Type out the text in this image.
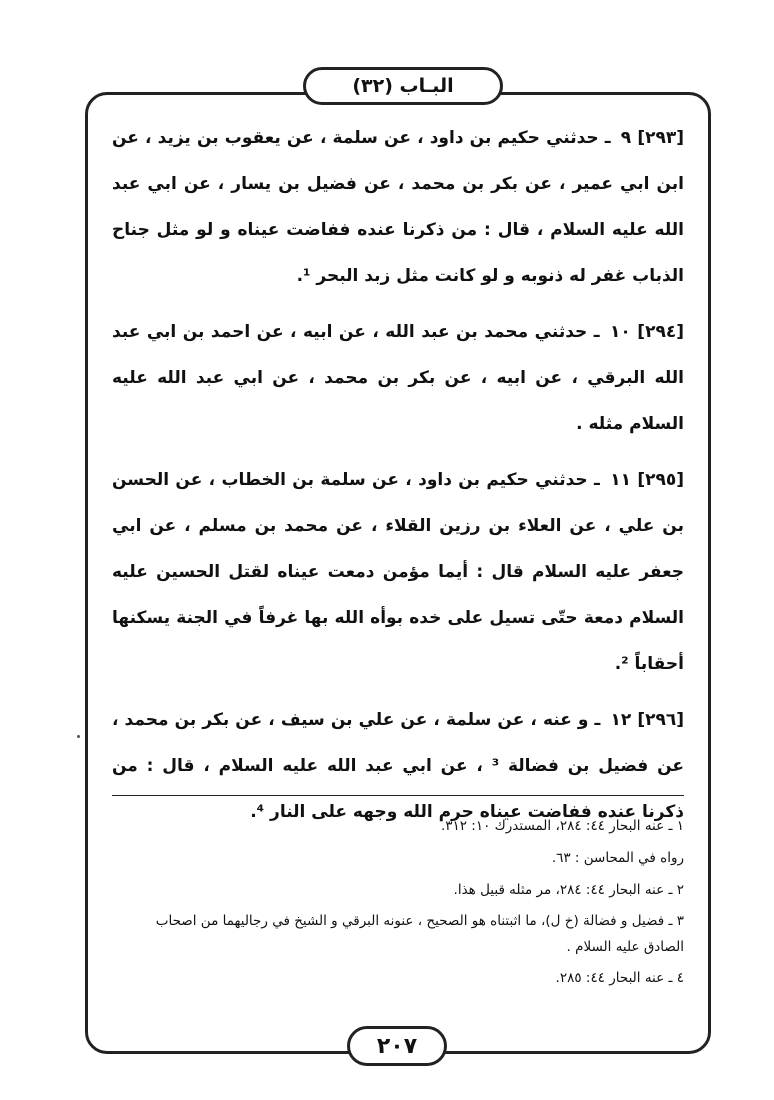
البـاب (٣٢)

[٢٩٣] ٩ ـ حدثني حكيم بن داود ، عن سلمة ، عن يعقوب بن يزيد ، عن ابن ابي عمير ، عن بكر بن محمد ، عن فضيل بن يسار ، عن ابي عبد الله عليه السلام ، قال : من ذكرنا عنده ففاضت عيناه و لو مثل جناح الذباب غفر له ذنوبه و لو كانت مثل زبد البحر ¹.

[٢٩٤] ١٠ ـ حدثني محمد بن عبد الله ، عن ابيه ، عن احمد بن ابي عبد الله البرقي ، عن ابيه ، عن بكر بن محمد ، عن ابي عبد الله عليه السلام مثله .

[٢٩٥] ١١ ـ حدثني حكيم بن داود ، عن سلمة بن الخطاب ، عن الحسن بن علي ، عن العلاء بن رزين القلاء ، عن محمد بن مسلم ، عن ابي جعفر عليه السلام قال : أيما مؤمن دمعت عيناه لقتل الحسين عليه السلام دمعة حتّى تسيل على خده بوأه الله بها غرفاً في الجنة يسكنها أحقاباً ².

[٢٩٦] ١٢ ـ و عنه ، عن سلمة ، عن علي بن سيف ، عن بكر بن محمد ، عن فضيل بن فضالة ³ ، عن ابي عبد الله عليه السلام ، قال : من ذكرنا عنده ففاضت عيناه حرم الله وجهه على النار ⁴.

١ ـ عنه البحار ٤٤: ٢٨٤، المستدرك ١٠: ٣١٢.

رواه في المحاسن : ٦٣.

٢ ـ عنه البحار ٤٤: ٢٨٤، مر مثله قبيل هذا.

٣ ـ فضيل و فضالة (خ ل)، ما اثبتناه هو الصحيح ، عنونه البرقي و الشيخ في رجاليهما من اصحاب الصادق عليه السلام .

٤ ـ عنه البحار ٤٤: ٢٨٥.

٢٠٧
